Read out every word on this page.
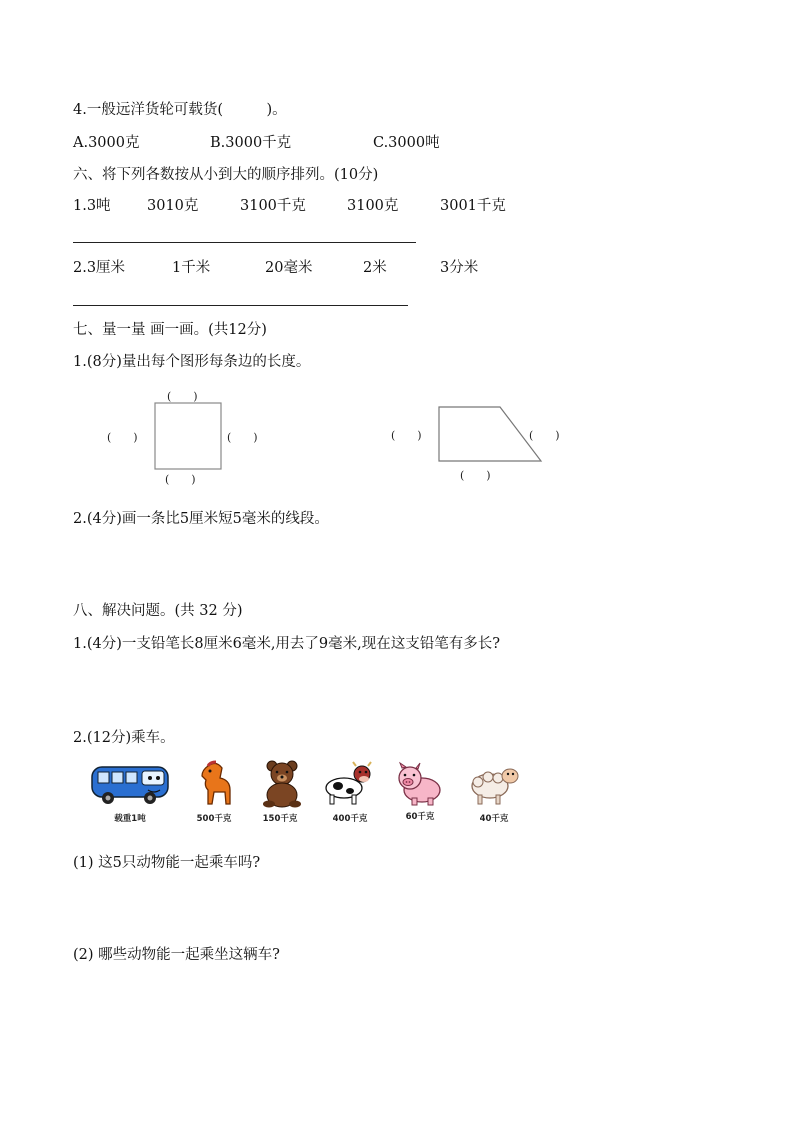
4.一般远洋货轮可载货(　　　)。
A.3000克	B.3000千克	C.3000吨
六、将下列各数按从小到大的顺序排列。(10分)
1.3吨	3010克	3100千克	3100克	3001千克
2.3厘米	1千米	20毫米	2米	3分米
七、量一量 画一画。(共12分)
1.(8分)量出每个图形每条边的长度。
(　　)
(　　)	(　　)
(　　)
(　　)	(　　)
(　　)
2.(4分)画一条比5厘米短5毫米的线段。
八、解决问题。(共 32 分)
1.(4分)一支铅笔长8厘米6毫米,用去了9毫米,现在这支铅笔有多长?
2.(12分)乘车。
载重1吨	500千克	150千克	400千克	60千克	40千克
(1) 这5只动物能一起乘车吗?
(2) 哪些动物能一起乘坐这辆车?
